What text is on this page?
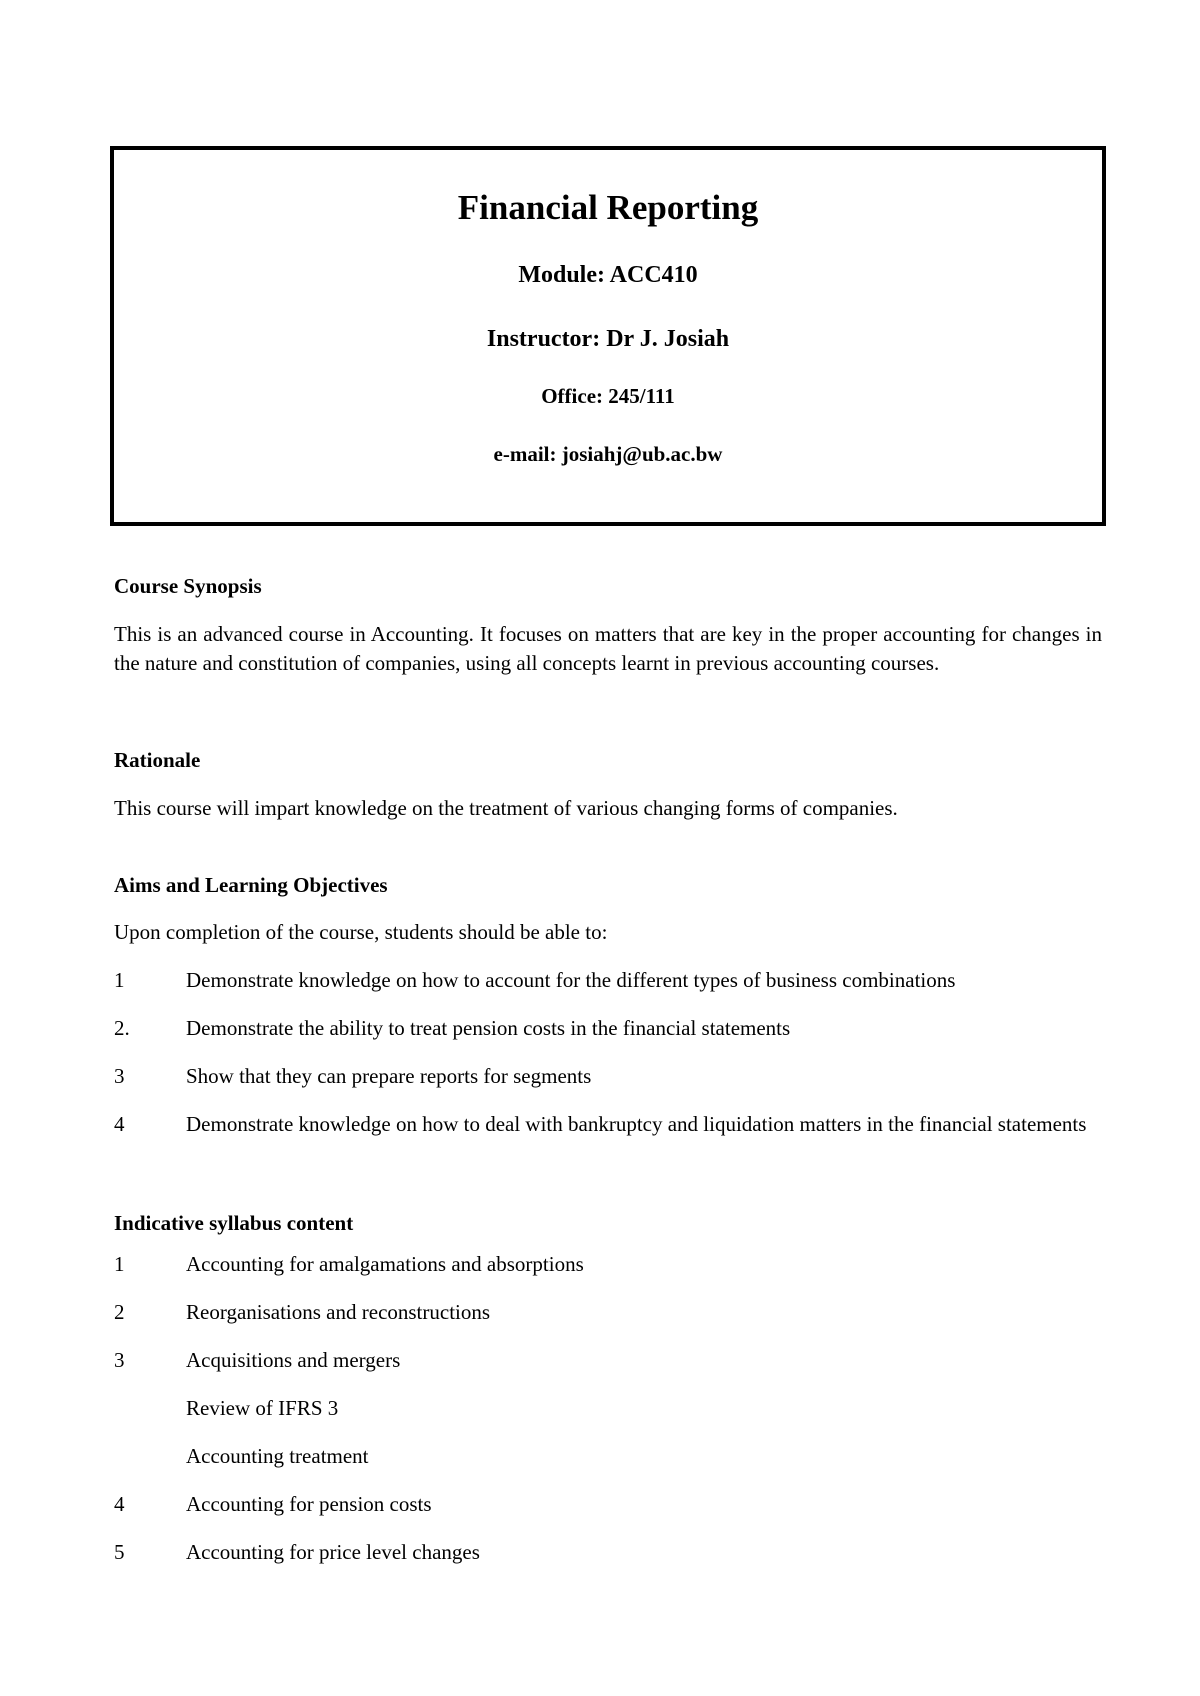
Financial Reporting
Module: ACC410
Instructor: Dr J. Josiah
Office: 245/111
e-mail: josiahj@ub.ac.bw
Course Synopsis
This is an advanced course in Accounting. It focuses on matters that are key in the proper accounting for changes in the nature and constitution of companies, using all concepts learnt in previous accounting courses.
Rationale
This course will impart knowledge on the treatment of various changing forms of companies.
Aims and Learning Objectives
Upon completion of the course, students should be able to:
1	Demonstrate knowledge on how to account for the different types of business combinations
2.	Demonstrate the ability to treat pension costs in the financial statements
3	Show that they can prepare reports for segments
4	Demonstrate knowledge on how to deal with bankruptcy and liquidation matters in the financial statements
Indicative syllabus content
1	Accounting for amalgamations and absorptions
2	Reorganisations and reconstructions
3	Acquisitions and mergers
Review of IFRS 3
Accounting treatment
4	Accounting for pension costs
5	Accounting for price level changes
